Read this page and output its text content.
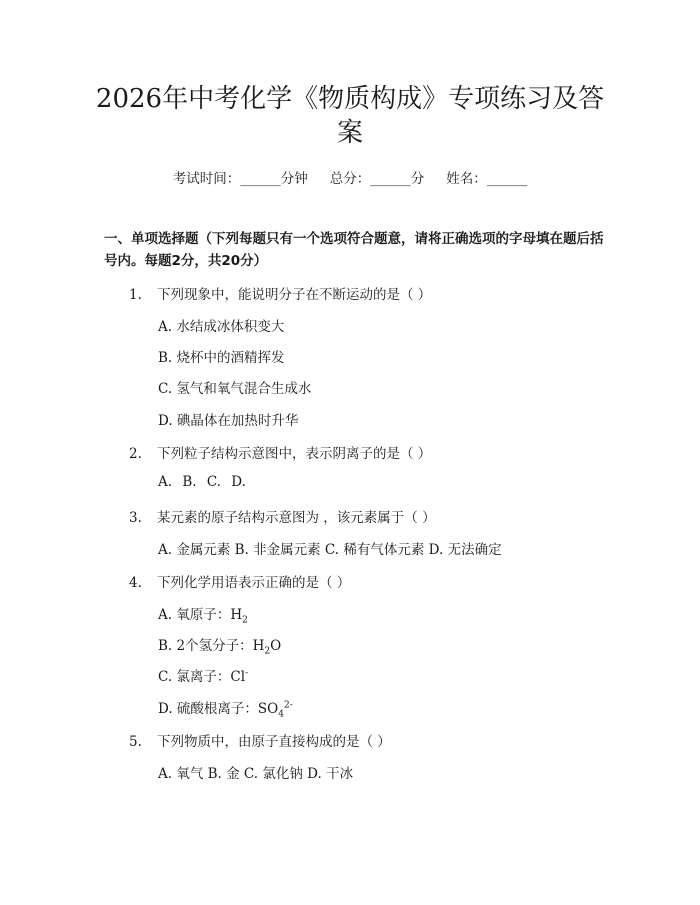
2026年中考化学《物质构成》专项练习及答案
考试时间：______分钟 总分：______分 姓名：______

一、单项选择题（下列每题只有一个选项符合题意，请将正确选项的字母填在题后括号内。每题2分，共20分）

1. 下列现象中，能说明分子在不断运动的是（ ）
A. 水结成冰体积变大
B. 烧杯中的酒精挥发
C. 氢气和氧气混合生成水
D. 碘晶体在加热时升华
2. 下列粒子结构示意图中，表示阴离子的是（ ）
A. B. C. D.
3. 某元素的原子结构示意图为 ，该元素属于（ ）
A. 金属元素 B. 非金属元素 C. 稀有气体元素 D. 无法确定
4. 下列化学用语表示正确的是（ ）
A. 氧原子：$H_2$
B. 2个氢分子：$H_2O$
C. 氯离子：Cl-
D. 硫酸根离子：$SO_4^{2-}$
5. 下列物质中，由原子直接构成的是（ ）
A. 氧气 B. 金 C. 氯化钠 D. 干冰
